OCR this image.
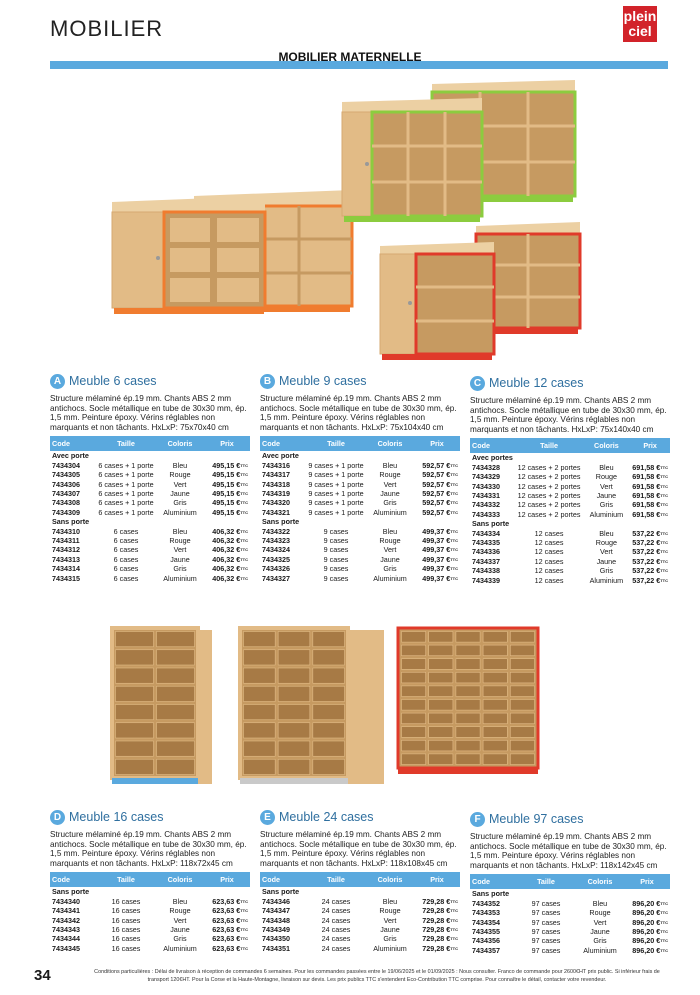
MOBILIER	plein
ciel
MOBILIER MATERNELLE
A Meuble 6 cases
Structure mélaminé ép.19 mm. Chants ABS 2 mm antichocs. Socle métallique en tube de 30x30 mm, ép. 1,5 mm. Peinture époxy. Vérins réglables non marquants et non tâchants. HxLxP: 75x70x40 cm
Code	Taille	Coloris	Prix
Avec porte			
7434304	6 cases + 1 porte	Bleu	495,15 €$^{TTC}$
7434305	6 cases + 1 porte	Rouge	495,15 €$^{TTC}$
7434306	6 cases + 1 porte	Vert	495,15 €$^{TTC}$
7434307	6 cases + 1 porte	Jaune	495,15 €$^{TTC}$
7434308	6 cases + 1 porte	Gris	495,15 €$^{TTC}$
7434309	6 cases + 1 porte	Aluminium	495,15 €$^{TTC}$
Sans porte			
7434310	6 cases	Bleu	406,32 €$^{TTC}$
7434311	6 cases	Rouge	406,32 €$^{TTC}$
7434312	6 cases	Vert	406,32 €$^{TTC}$
7434313	6 cases	Jaune	406,32 €$^{TTC}$
7434314	6 cases	Gris	406,32 €$^{TTC}$
7434315	6 cases	Aluminium	406,32 €$^{TTC}$
B Meuble 9 cases
Structure mélaminé ép.19 mm. Chants ABS 2 mm antichocs. Socle métallique en tube de 30x30 mm, ép. 1,5 mm. Peinture époxy. Vérins réglables non marquants et non tâchants. HxLxP: 75x104x40 cm
Code	Taille	Coloris	Prix
Avec porte			
7434316	9 cases + 1 porte	Bleu	592,57 €$^{TTC}$
7434317	9 cases + 1 porte	Rouge	592,57 €$^{TTC}$
7434318	9 cases + 1 porte	Vert	592,57 €$^{TTC}$
7434319	9 cases + 1 porte	Jaune	592,57 €$^{TTC}$
7434320	9 cases + 1 porte	Gris	592,57 €$^{TTC}$
7434321	9 cases + 1 porte	Aluminium	592,57 €$^{TTC}$
Sans porte			
7434322	9 cases	Bleu	499,37 €$^{TTC}$
7434323	9 cases	Rouge	499,37 €$^{TTC}$
7434324	9 cases	Vert	499,37 €$^{TTC}$
7434325	9 cases	Jaune	499,37 €$^{TTC}$
7434326	9 cases	Gris	499,37 €$^{TTC}$
7434327	9 cases	Aluminium	499,37 €$^{TTC}$
C Meuble 12 cases
Structure mélaminé ép.19 mm. Chants ABS 2 mm antichocs. Socle métallique en tube de 30x30 mm, ép. 1,5 mm. Peinture époxy. Vérins réglables non marquants et non tâchants. HxLxP: 75x140x40 cm
Code	Taille	Coloris	Prix
Avec portes			
7434328	12 cases + 2 portes	Bleu	691,58 €$^{TTC}$
7434329	12 cases + 2 portes	Rouge	691,58 €$^{TTC}$
7434330	12 cases + 2 portes	Vert	691,58 €$^{TTC}$
7434331	12 cases + 2 portes	Jaune	691,58 €$^{TTC}$
7434332	12 cases + 2 portes	Gris	691,58 €$^{TTC}$
7434333	12 cases + 2 portes	Aluminium	691,58 €$^{TTC}$
Sans porte			
7434334	12 cases	Bleu	537,22 €$^{TTC}$
7434335	12 cases	Rouge	537,22 €$^{TTC}$
7434336	12 cases	Vert	537,22 €$^{TTC}$
7434337	12 cases	Jaune	537,22 €$^{TTC}$
7434338	12 cases	Gris	537,22 €$^{TTC}$
7434339	12 cases	Aluminium	537,22 €$^{TTC}$
D Meuble 16 cases
Structure mélaminé ép.19 mm. Chants ABS 2 mm antichocs. Socle métallique en tube de 30x30 mm, ép. 1,5 mm. Peinture époxy. Vérins réglables non marquants et non tâchants. HxLxP: 118x72x45 cm
Code	Taille	Coloris	Prix
Sans porte			
7434340	16 cases	Bleu	623,63 €$^{TTC}$
7434341	16 cases	Rouge	623,63 €$^{TTC}$
7434342	16 cases	Vert	623,63 €$^{TTC}$
7434343	16 cases	Jaune	623,63 €$^{TTC}$
7434344	16 cases	Gris	623,63 €$^{TTC}$
7434345	16 cases	Aluminium	623,63 €$^{TTC}$
E Meuble 24 cases
Structure mélaminé ép.19 mm. Chants ABS 2 mm antichocs. Socle métallique en tube de 30x30 mm, ép. 1,5 mm. Peinture époxy. Vérins réglables non marquants et non tâchants. HxLxP: 118x108x45 cm
Code	Taille	Coloris	Prix
Sans porte			
7434346	24 cases	Bleu	729,28 €$^{TTC}$
7434347	24 cases	Rouge	729,28 €$^{TTC}$
7434348	24 cases	Vert	729,28 €$^{TTC}$
7434349	24 cases	Jaune	729,28 €$^{TTC}$
7434350	24 cases	Gris	729,28 €$^{TTC}$
7434351	24 cases	Aluminium	729,28 €$^{TTC}$
F Meuble 97 cases
Structure mélaminé ép.19 mm. Chants ABS 2 mm antichocs. Socle métallique en tube de 30x30 mm, ép. 1,5 mm. Peinture époxy. Vérins réglables non marquants et non tâchants. HxLxP: 118x142x45 cm
Code	Taille	Coloris	Prix
Sans porte			
7434352	97 cases	Bleu	896,20 €$^{TTC}$
7434353	97 cases	Rouge	896,20 €$^{TTC}$
7434354	97 cases	Vert	896,20 €$^{TTC}$
7434355	97 cases	Jaune	896,20 €$^{TTC}$
7434356	97 cases	Gris	896,20 €$^{TTC}$
7434357	97 cases	Aluminium	896,20 €$^{TTC}$
34	Conditions particulières : Délai de livraison à réception de commandes 6 semaines. Pour les commandes passées entre le 19/06/2025 et le 01/09/2025 : Nous consulter. Franco de commande pour 2600€HT prix public. Si inférieur frais de transport 120€HT. Pour la Corse et la Haute-Montagne, livraison sur devis. Les prix publics TTC s'entendent Eco-Contribution TTC comprise. Pour connaître le détail, contacter votre revendeur.
